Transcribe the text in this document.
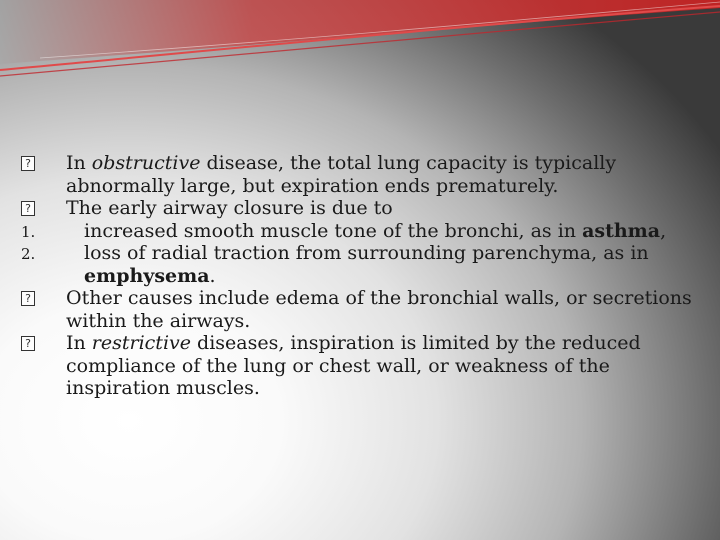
?
In obstructive disease, the total lung capacity is typically abnormally large, but expiration ends prematurely.

?
The early airway closure is due to

1.	increased smooth muscle tone of the bronchi, as in asthma,

2.	loss of radial traction from surrounding parenchyma, as in emphysema.

?
Other causes include edema of the bronchial walls, or secretions within the airways.

?
In restrictive diseases, inspiration is limited by the reduced compliance of the lung or chest wall, or weakness of the inspiration muscles.
